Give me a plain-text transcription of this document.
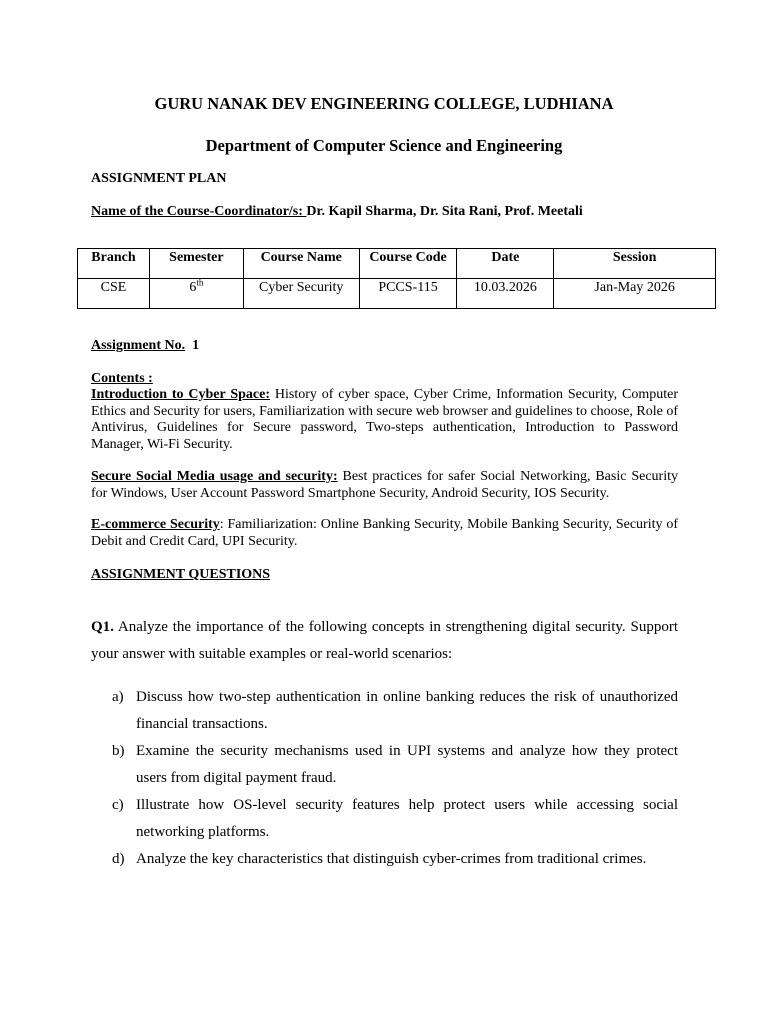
GURU NANAK DEV ENGINEERING COLLEGE, LUDHIANA
Department of Computer Science and Engineering
ASSIGNMENT PLAN
Name of the Course-Coordinator/s: Dr. Kapil Sharma, Dr. Sita Rani, Prof. Meetali
Branch	Semester	Course Name	Course Code	Date	Session
CSE	6th	Cyber Security	PCCS-115	10.03.2026	Jan-May 2026
Assignment No. 1
Contents :
Introduction to Cyber Space: History of cyber space, Cyber Crime, Information Security, Computer Ethics and Security for users, Familiarization with secure web browser and guidelines to choose, Role of Antivirus, Guidelines for Secure password, Two-steps authentication, Introduction to Password Manager, Wi-Fi Security.
Secure Social Media usage and security: Best practices for safer Social Networking, Basic Security for Windows, User Account Password Smartphone Security, Android Security, IOS Security.
E-commerce Security: Familiarization: Online Banking Security, Mobile Banking Security, Security of Debit and Credit Card, UPI Security.
ASSIGNMENT QUESTIONS
Q1. Analyze the importance of the following concepts in strengthening digital security. Support your answer with suitable examples or real-world scenarios:
a) Discuss how two-step authentication in online banking reduces the risk of unauthorized financial transactions.
b) Examine the security mechanisms used in UPI systems and analyze how they protect users from digital payment fraud.
c) Illustrate how OS-level security features help protect users while accessing social networking platforms.
d) Analyze the key characteristics that distinguish cyber-crimes from traditional crimes.
